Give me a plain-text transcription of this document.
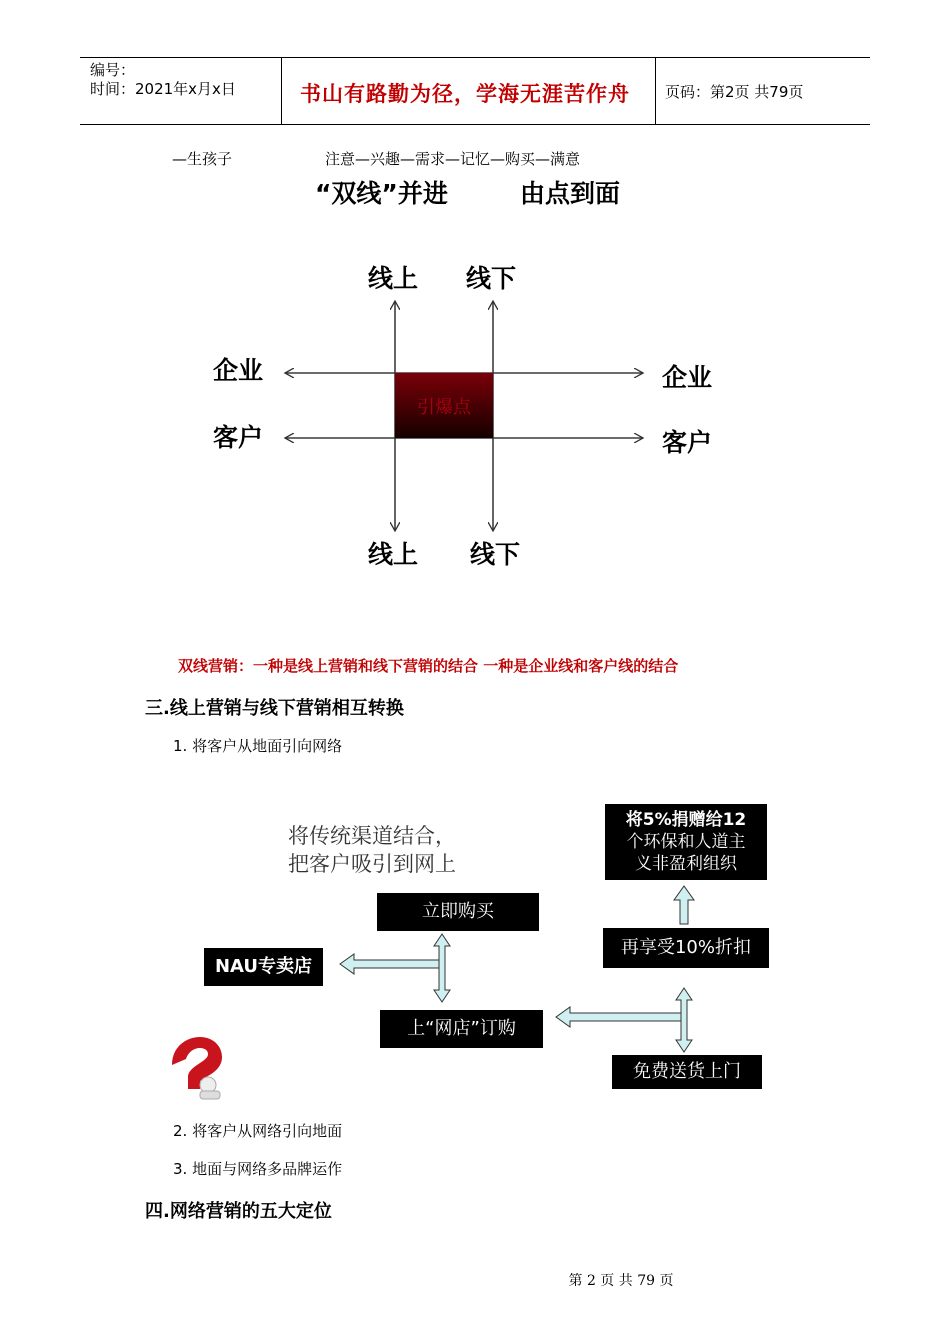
编号：
时间：2021年x月x日	书山有路勤为径，学海无涯苦作舟 页码：第2页 共79页
—生孩子	注意—兴趣—需求—记忆—购买—满意
“双线”并进	由点到面
引爆点
线上 线下
企业
客户
企业
客户
线上 线下
双线营销：一种是线上营销和线下营销的结合 一种是企业线和客户线的结合
三.线上营销与线下营销相互转换
1. 将客户从地面引向网络
将传统渠道结合，
把客户吸引到网上
立即购买
NAU专卖店
上“网店”订购
将5%捐赠给12
个环保和人道主
义非盈利组织
再享受10%折扣
免费送货上门
2. 将客户从网络引向地面
3. 地面与网络多品牌运作
四.网络营销的五大定位
第 2 页 共 79 页
